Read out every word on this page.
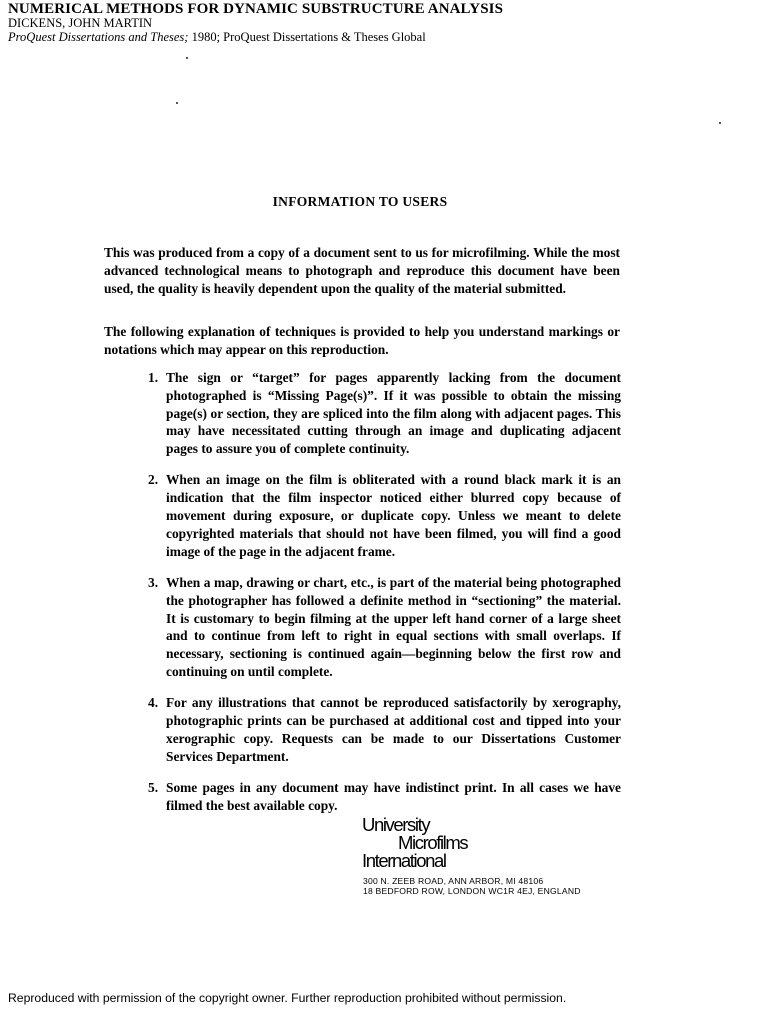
NUMERICAL METHODS FOR DYNAMIC SUBSTRUCTURE ANALYSIS
DICKENS, JOHN MARTIN
ProQuest Dissertations and Theses; 1980; ProQuest Dissertations & Theses Global
INFORMATION TO USERS
This was produced from a copy of a document sent to us for microfilming. While the most advanced technological means to photograph and reproduce this document have been used, the quality is heavily dependent upon the quality of the material submitted.
The following explanation of techniques is provided to help you understand markings or notations which may appear on this reproduction.
1. The sign or “target” for pages apparently lacking from the document photographed is “Missing Page(s)”. If it was possible to obtain the missing page(s) or section, they are spliced into the film along with adjacent pages. This may have necessitated cutting through an image and duplicating adjacent pages to assure you of complete continuity.
2. When an image on the film is obliterated with a round black mark it is an indication that the film inspector noticed either blurred copy because of movement during exposure, or duplicate copy. Unless we meant to delete copyrighted materials that should not have been filmed, you will find a good image of the page in the adjacent frame.
3. When a map, drawing or chart, etc., is part of the material being photographed the photographer has followed a definite method in “sectioning” the material. It is customary to begin filming at the upper left hand corner of a large sheet and to continue from left to right in equal sections with small overlaps. If necessary, sectioning is continued again—beginning below the first row and continuing on until complete.
4. For any illustrations that cannot be reproduced satisfactorily by xerography, photographic prints can be purchased at additional cost and tipped into your xerographic copy. Requests can be made to our Dissertations Customer Services Department.
5. Some pages in any document may have indistinct print. In all cases we have filmed the best available copy.
University
Microfilms
International
300 N. ZEEB ROAD, ANN ARBOR, MI 48106
18 BEDFORD ROW, LONDON WC1R 4EJ, ENGLAND
Reproduced with permission of the copyright owner. Further reproduction prohibited without permission.
